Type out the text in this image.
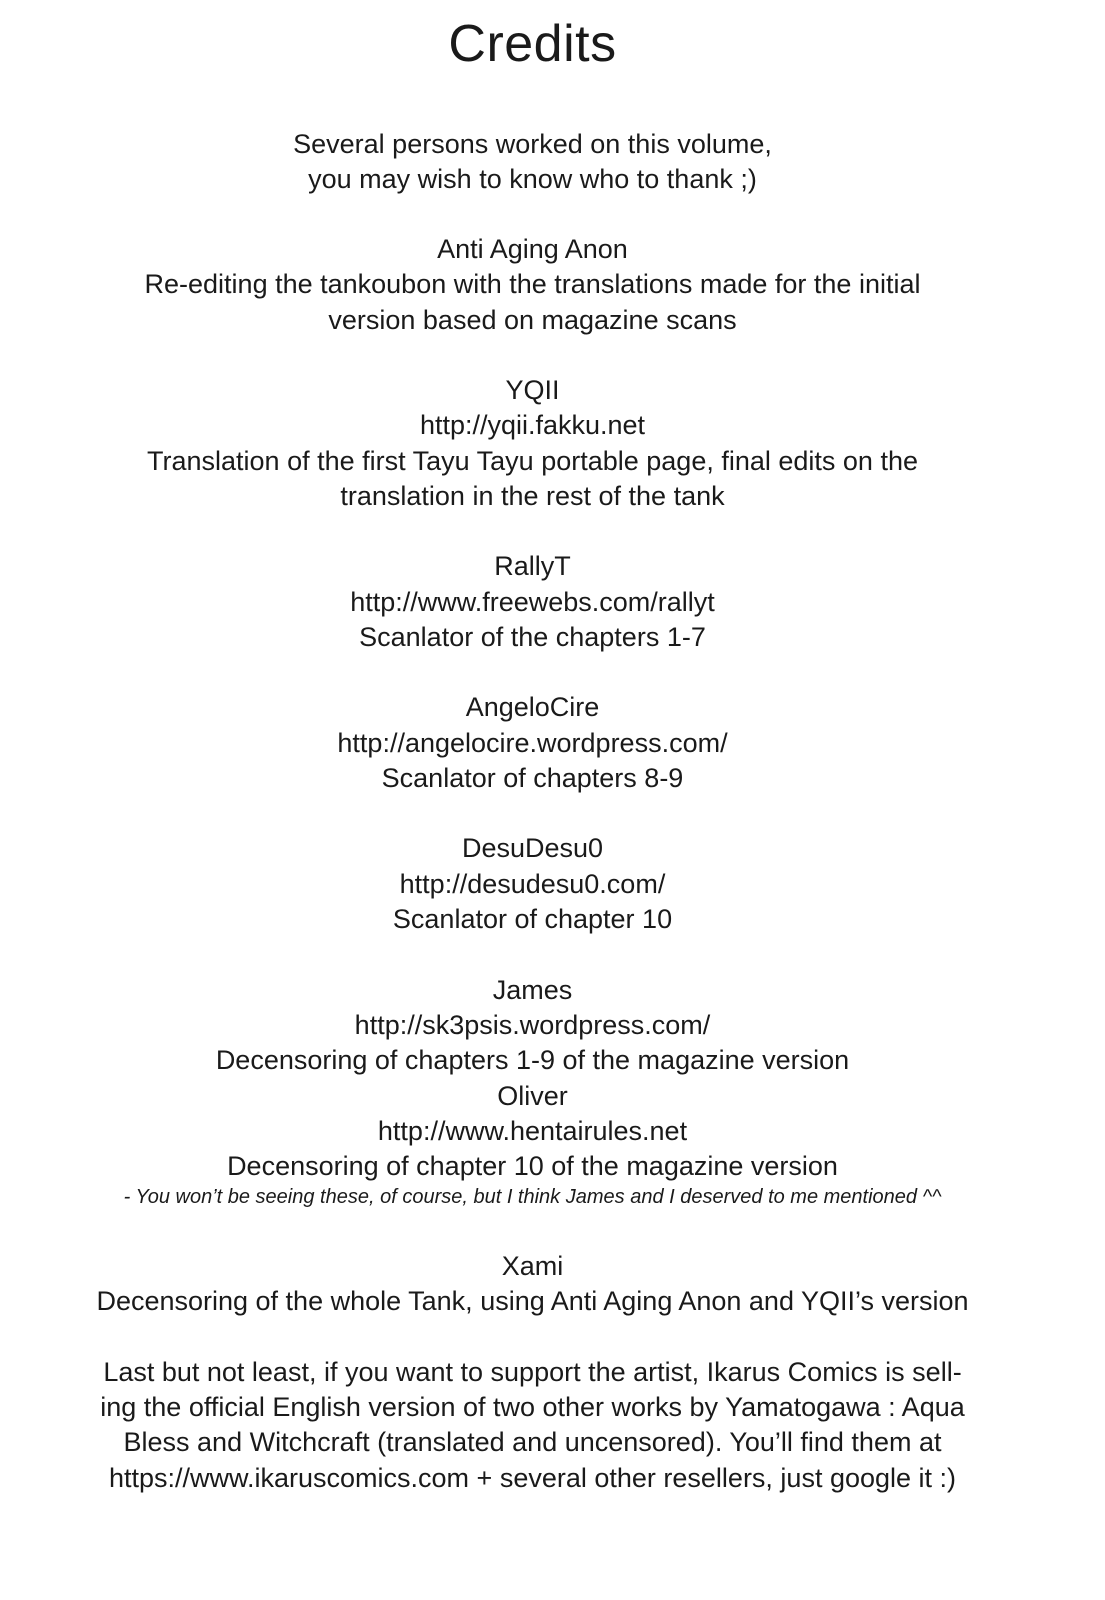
Credits
Several persons worked on this volume,
you may wish to know who to thank ;)
Anti Aging Anon
Re-editing the tankoubon with the translations made for the initial
version based on magazine scans
YQII
http://yqii.fakku.net
Translation of the first Tayu Tayu portable page, final edits on the
translation in the rest of the tank
RallyT
http://www.freewebs.com/rallyt
Scanlator of the chapters 1-7
AngeloCire
http://angelocire.wordpress.com/
Scanlator of chapters 8-9
DesuDesu0
http://desudesu0.com/
Scanlator of chapter 10
James
http://sk3psis.wordpress.com/
Decensoring of chapters 1-9 of the magazine version
Oliver
http://www.hentairules.net
Decensoring of chapter 10 of the magazine version
- You won’t be seeing these, of course, but I think James and I deserved to me mentioned ^^
Xami
Decensoring of the whole Tank, using Anti Aging Anon and YQII’s version
Last but not least, if you want to support the artist, Ikarus Comics is sell-
ing the official English version of two other works by Yamatogawa : Aqua
Bless and Witchcraft (translated and uncensored). You’ll find them at
https://www.ikaruscomics.com + several other resellers, just google it :)
